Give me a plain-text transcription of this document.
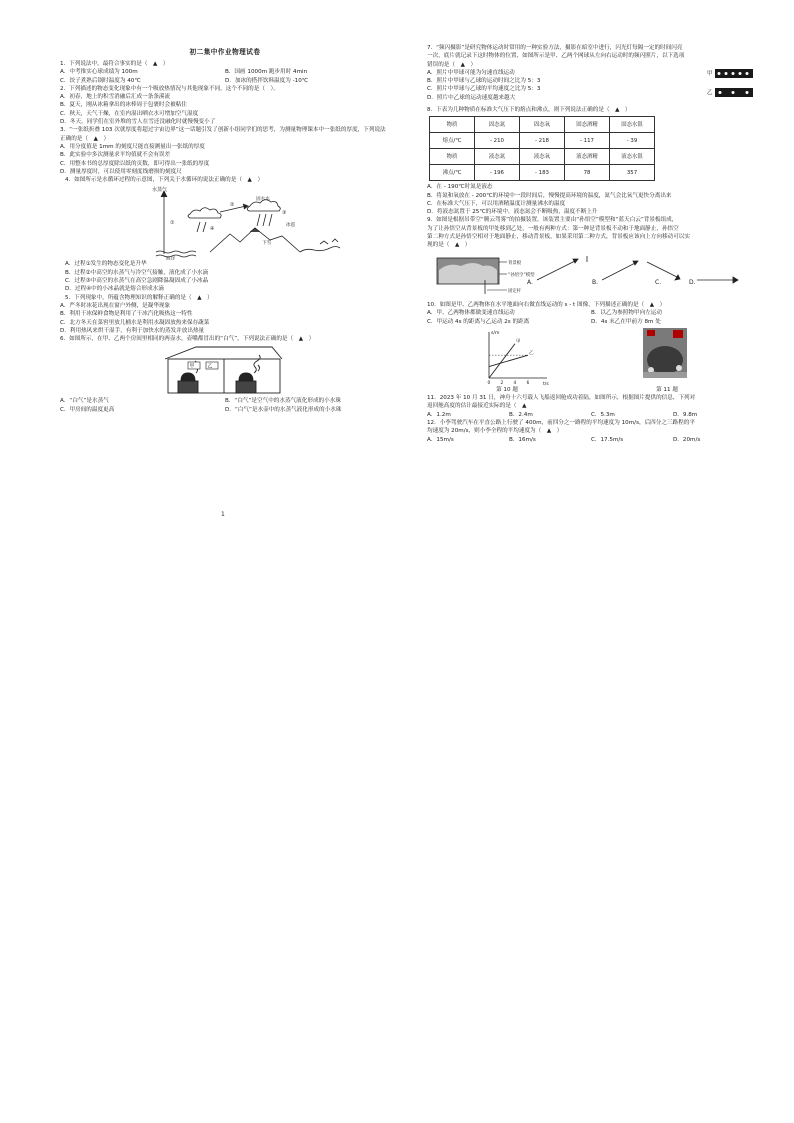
初二集中作业物理试卷
1．下列说法中，最符合事实的是（　▲　）
A．中考推实心球成绩为 100m	B．国画 1000m 跑步用时 4min
C．饺子煮熟后锅时温度为 40℃	D．加冰的搭拌饮料温度为 -10℃
2．下列描述的物态变化现象中有一个吸放热情况与其他现象不同，这个不同的是（　）。
A．初春，地上的积雪消融后汇成一条条溪流
B．夏天，刚从冰箱拿出的冰棒周于包裹时会被粘住
C．秋天，天气干燥，在室内湿出晒衣水可增加空气湿度
D．冬天，同学们在室外堆的雪人在雪还没融化时就慢慢变小了
3．“一张纸折叠 103 次就厚度将超过宇宙边界”这一话题引发了创新小组同学们的思考，为测量物理课本中一张纸的厚度，下列说法正确的是（　▲　）
A．用分度值是 1mm 的刻度尺能直接测量出一张纸的厚度
B．此实验中多次测量求平均值就不会有误差
C．用整本书的总厚度除以纸的页数，即可得出一张纸的厚度
D．测量厚度时，可以使用零刻度线磨损的刻度尺
4．如图所示是水循环过程的示意图，下列关于水循环的说法正确的是（　▲　）
水蒸气
①
②
③
④
固水水
冰雹
下雪
海洋
A．过程①发生的物态变化是升华
B．过程②中高空的水蒸气与冷空气接触，液化成了小水滴
C．过程③中高空的水蒸气在高空急剧降温凝固成了小冰晶
D．过程④中的小冰晶就是熔合形成水滴
5．下列现象中，所蕴含物理知识的解释正确的是（　▲　）
A．严冬时冰花出现在窗户外侧，是凝华现象
B．利用干冰保鲜食物是利用了干冰汽化吸热这一特性
C．北方冬天在菜窖里放几桶水是利用水凝固放热来保存蔬菜
D．利用热风来烘干湿手，有利于加快水的蒸发并放出热量
6．如图所示，在甲、乙两个房间里相同的两壶水，壶嘴都冒出的“白气”，下列说法正确的是（　▲　）
甲	乙
A．“白气”是水蒸气	B．“白气”是空气中的水蒸气液化形成的小水珠
C．甲房间的温度更高	D．“白气”是水壶中的水蒸气液化形成的小水珠
1
7．“频闪摄影”是研究物体运动时常用的一种实验方法，摄影在暗室中进行，闪光灯每隔一定的时间闪亮
一次，底片就记录下这时物体的位置，如图所示是甲、乙两个网球从左向右运动时的频闪照片，以下选项
错误的是（　▲　）
A．照片中甲球可能为匀速直线运动
B．照片中甲球与乙球的运动时间之比为 5：3
C．照片中甲球与乙球的平均速度之比为 5：3
D．照片中乙球的运动速度越来越大
甲
乙
8．下表为几种物质在标准大气压下的熔点和沸点，则下列说法正确的是（　▲　）
物质	固态氮	固态氧	固态酒精	固态水银
熔点/℃	- 210	- 218	- 117	- 39
物质	液态氮	液态氧	液态酒精	液态水银
沸点/℃	- 196	- 183	78	357
A．在 - 190℃时氮是液态
B．将氮和氧放在 - 200℃的环境中一段时间后，慢慢提高环境的温度，氮气会比氧气更快分离出来
C．在标准大气压下，可以用酒精温度计测量沸水的温度
D．将液态氮置于 25℃的环境中，液态氮会不断吸热，温度不断上升
9．如图是根据吊带空“腾云驾雾”的拍摄装置，该装置主要由“孙悟空”模型和“蓝天白云”背景板组成，
为了让孙悟空从背景板的甲处移到乙处，一般有两种方式：第一种是背景板不动和于地面静止，孙悟空
第二种方式是孙悟空相对于地面静止，移动背景板，如果采用第二种方式，背景板应该向上方向移动可以实
现的是（　▲　）
背景板
“孙悟空”模型
固定杆
A.	B.	C.	D.
10．如图是甲、乙两物体在水平地面向右做直线运动的 s - t 图像，下列描述正确的是（　▲　）
A．甲、乙两物体都做变速直线运动	B．以乙为参照物甲向左运动
C．甲运动 4s 的距离与乙运动 2s 的距离	D．4s 末乙在甲前方 8m 处
s/m
t/s
0 2 4 6
甲
乙
第 10 题	第 11 题
11．2023 年 10 月 31 日，神舟十六号载人飞船返回舱成功着陆，如图所示，根据图片提供的信息，下列对
返回舱高度的估计最接近实际的是（　▲
A．1.2m	B．2.4m	C．5.3m	D．9.8m
12．小李驾驶汽车在平直公路上行驶了 400m，前四分之一路程的平均速度为 10m/s，后四分之三路程的平
均速度为 20m/s，则小李全程的平均速度为（　▲　）
A．15m/s	B．16m/s	C．17.5m/s	D．20m/s
